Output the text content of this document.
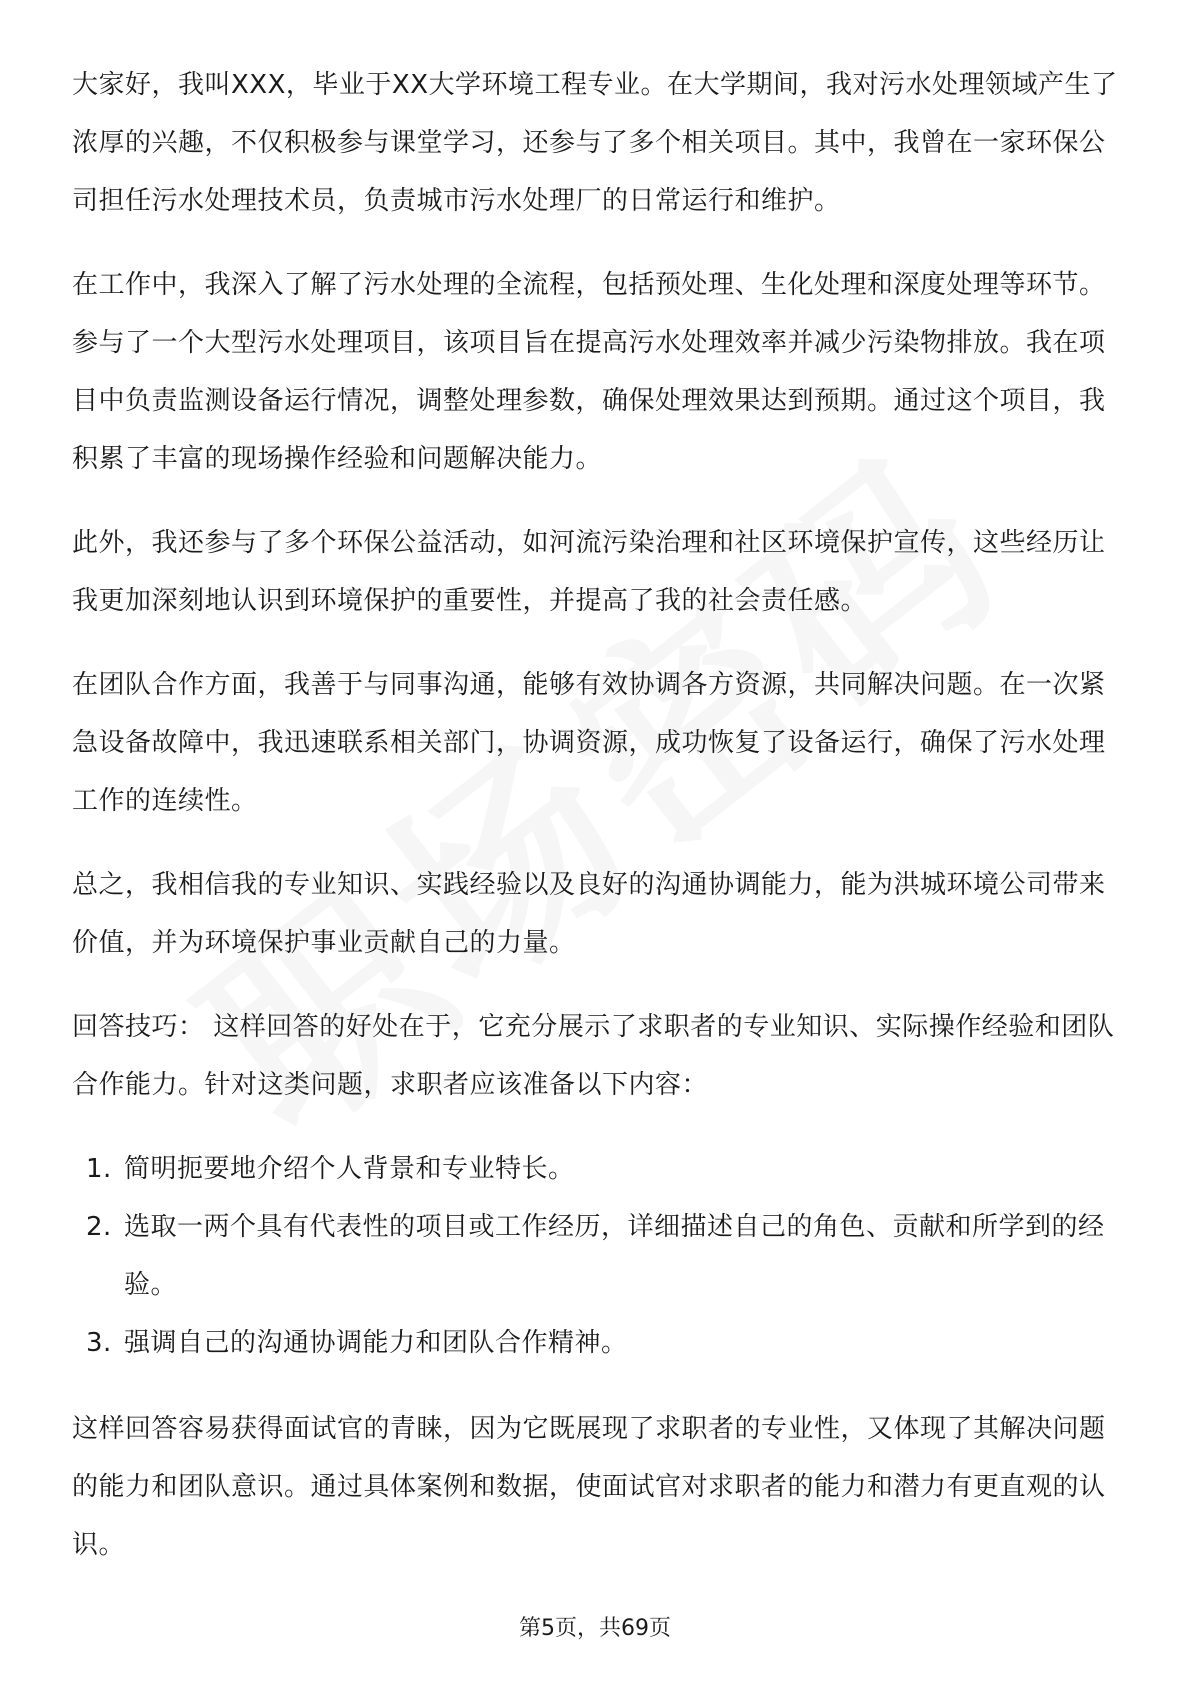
大家好，我叫XXX，毕业于XX大学环境工程专业。在大学期间，我对污水处理领域产生了浓厚的兴趣，不仅积极参与课堂学习，还参与了多个相关项目。其中，我曾在一家环保公司担任污水处理技术员，负责城市污水处理厂的日常运行和维护。

在工作中，我深入了解了污水处理的全流程，包括预处理、生化处理和深度处理等环节。参与了一个大型污水处理项目，该项目旨在提高污水处理效率并减少污染物排放。我在项目中负责监测设备运行情况，调整处理参数，确保处理效果达到预期。通过这个项目，我积累了丰富的现场操作经验和问题解决能力。

此外，我还参与了多个环保公益活动，如河流污染治理和社区环境保护宣传，这些经历让我更加深刻地认识到环境保护的重要性，并提高了我的社会责任感。

在团队合作方面，我善于与同事沟通，能够有效协调各方资源，共同解决问题。在一次紧急设备故障中，我迅速联系相关部门，协调资源，成功恢复了设备运行，确保了污水处理工作的连续性。

总之，我相信我的专业知识、实践经验以及良好的沟通协调能力，能为洪城环境公司带来价值，并为环境保护事业贡献自己的力量。

回答技巧： 这样回答的好处在于，它充分展示了求职者的专业知识、实际操作经验和团队合作能力。针对这类问题，求职者应该准备以下内容：

1. 简明扼要地介绍个人背景和专业特长。
2. 选取一两个具有代表性的项目或工作经历，详细描述自己的角色、贡献和所学到的经验。
3. 强调自己的沟通协调能力和团队合作精神。

这样回答容易获得面试官的青睐，因为它既展现了求职者的专业性，又体现了其解决问题的能力和团队意识。通过具体案例和数据，使面试官对求职者的能力和潜力有更直观的认识。

第5页，共69页
